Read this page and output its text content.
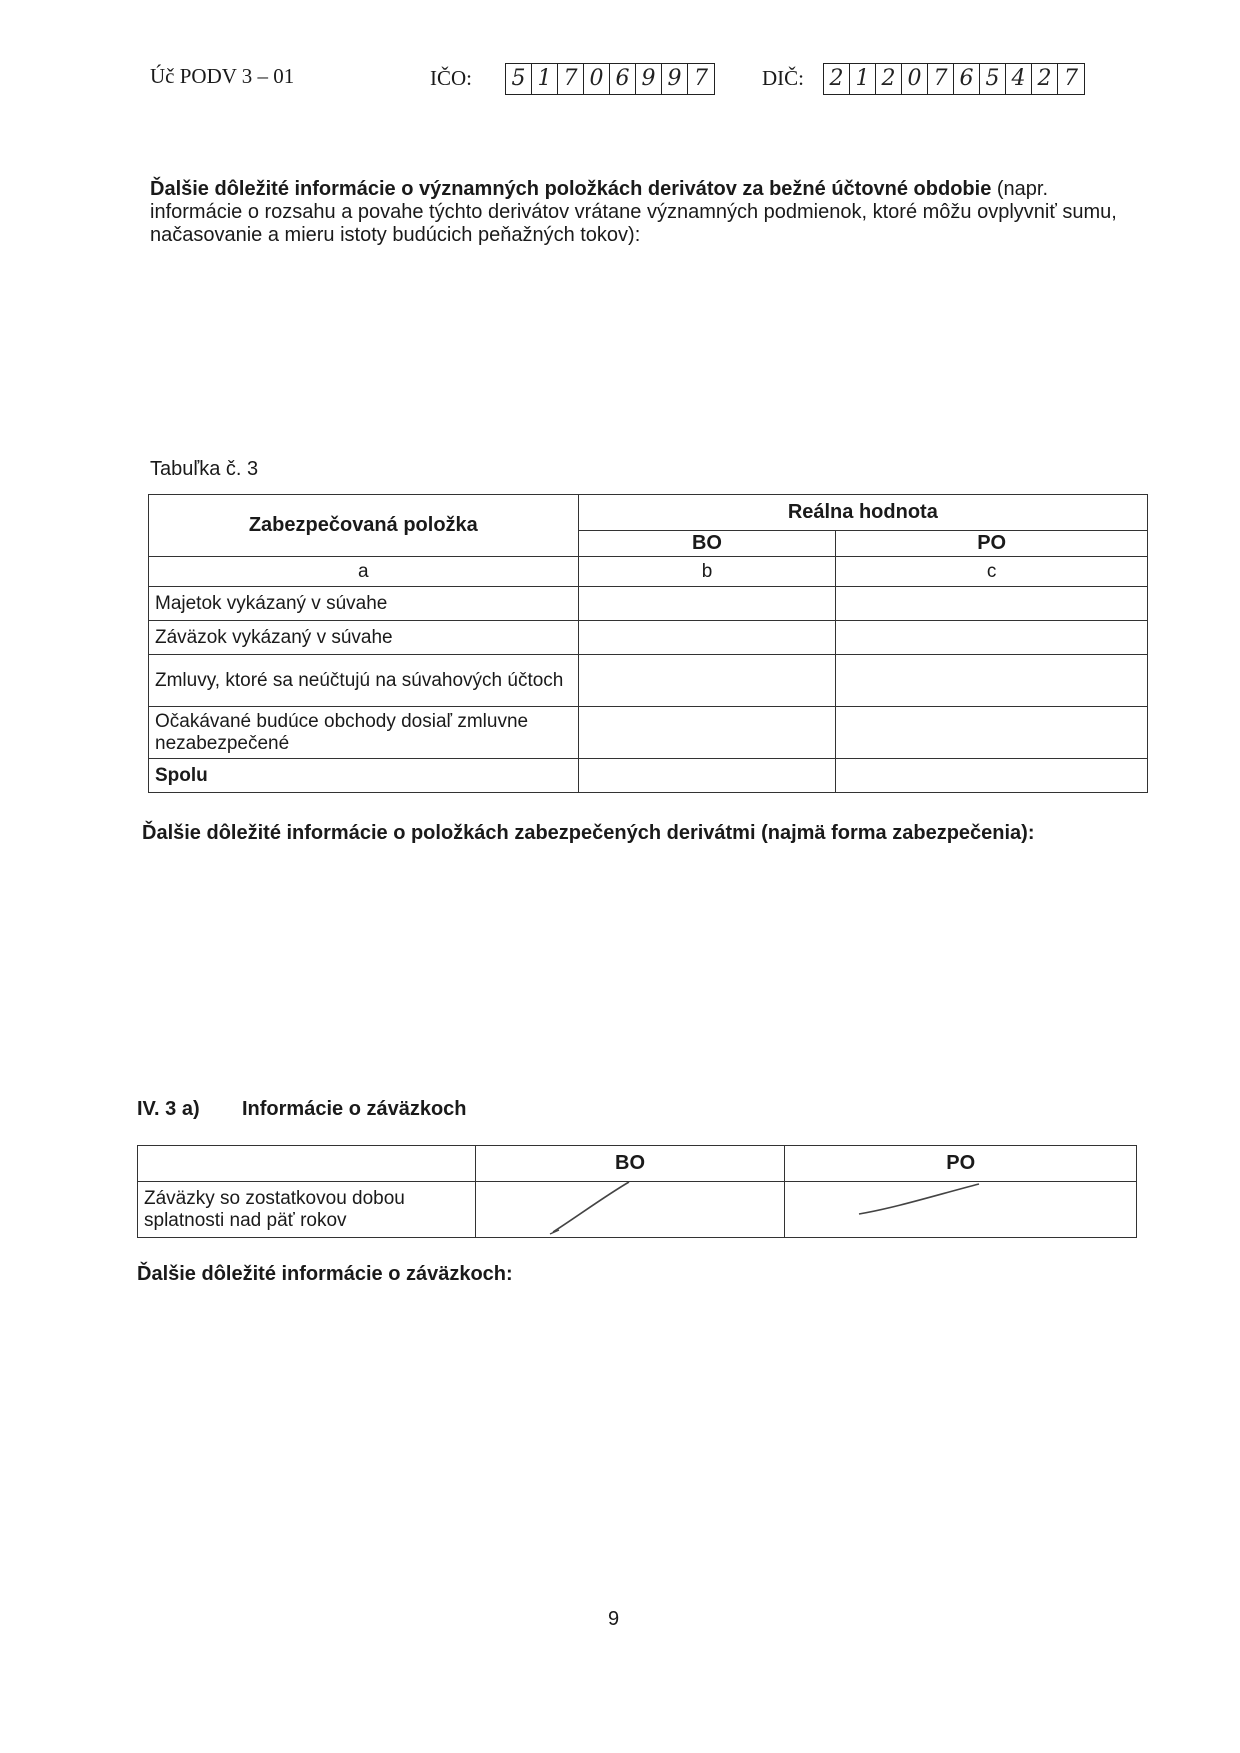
Úč PODV 3 – 01	IČO: 5 1 7 0 6 9 9 7	DIČ: 2 1 2 0 7 6 5 4 2 7
Ďalšie dôležité informácie o významných položkách derivátov za bežné účtovné obdobie (napr. informácie o rozsahu a povahe týchto derivátov vrátane významných podmienok, ktoré môžu ovplyvniť sumu, načasovanie a mieru istoty budúcich peňažných tokov):
Tabuľka č. 3
Zabezpečovaná položka	Reálna hodnota	
	BO	PO
a	b	c
Majetok vykázaný v súvahe		
Záväzok vykázaný v súvahe		
Zmluvy, ktoré sa neúčtujú na súvahových účtoch		
Očakávané budúce obchody dosiaľ zmluvne nezabezpečené		
Spolu		
Ďalšie dôležité informácie o položkách zabezpečených derivátmi (najmä forma zabezpečenia):
IV. 3 a) Informácie o záväzkoch
	BO	PO
Záväzky so zostatkovou dobou splatnosti nad päť rokov		
Ďalšie dôležité informácie o záväzkoch:
9
